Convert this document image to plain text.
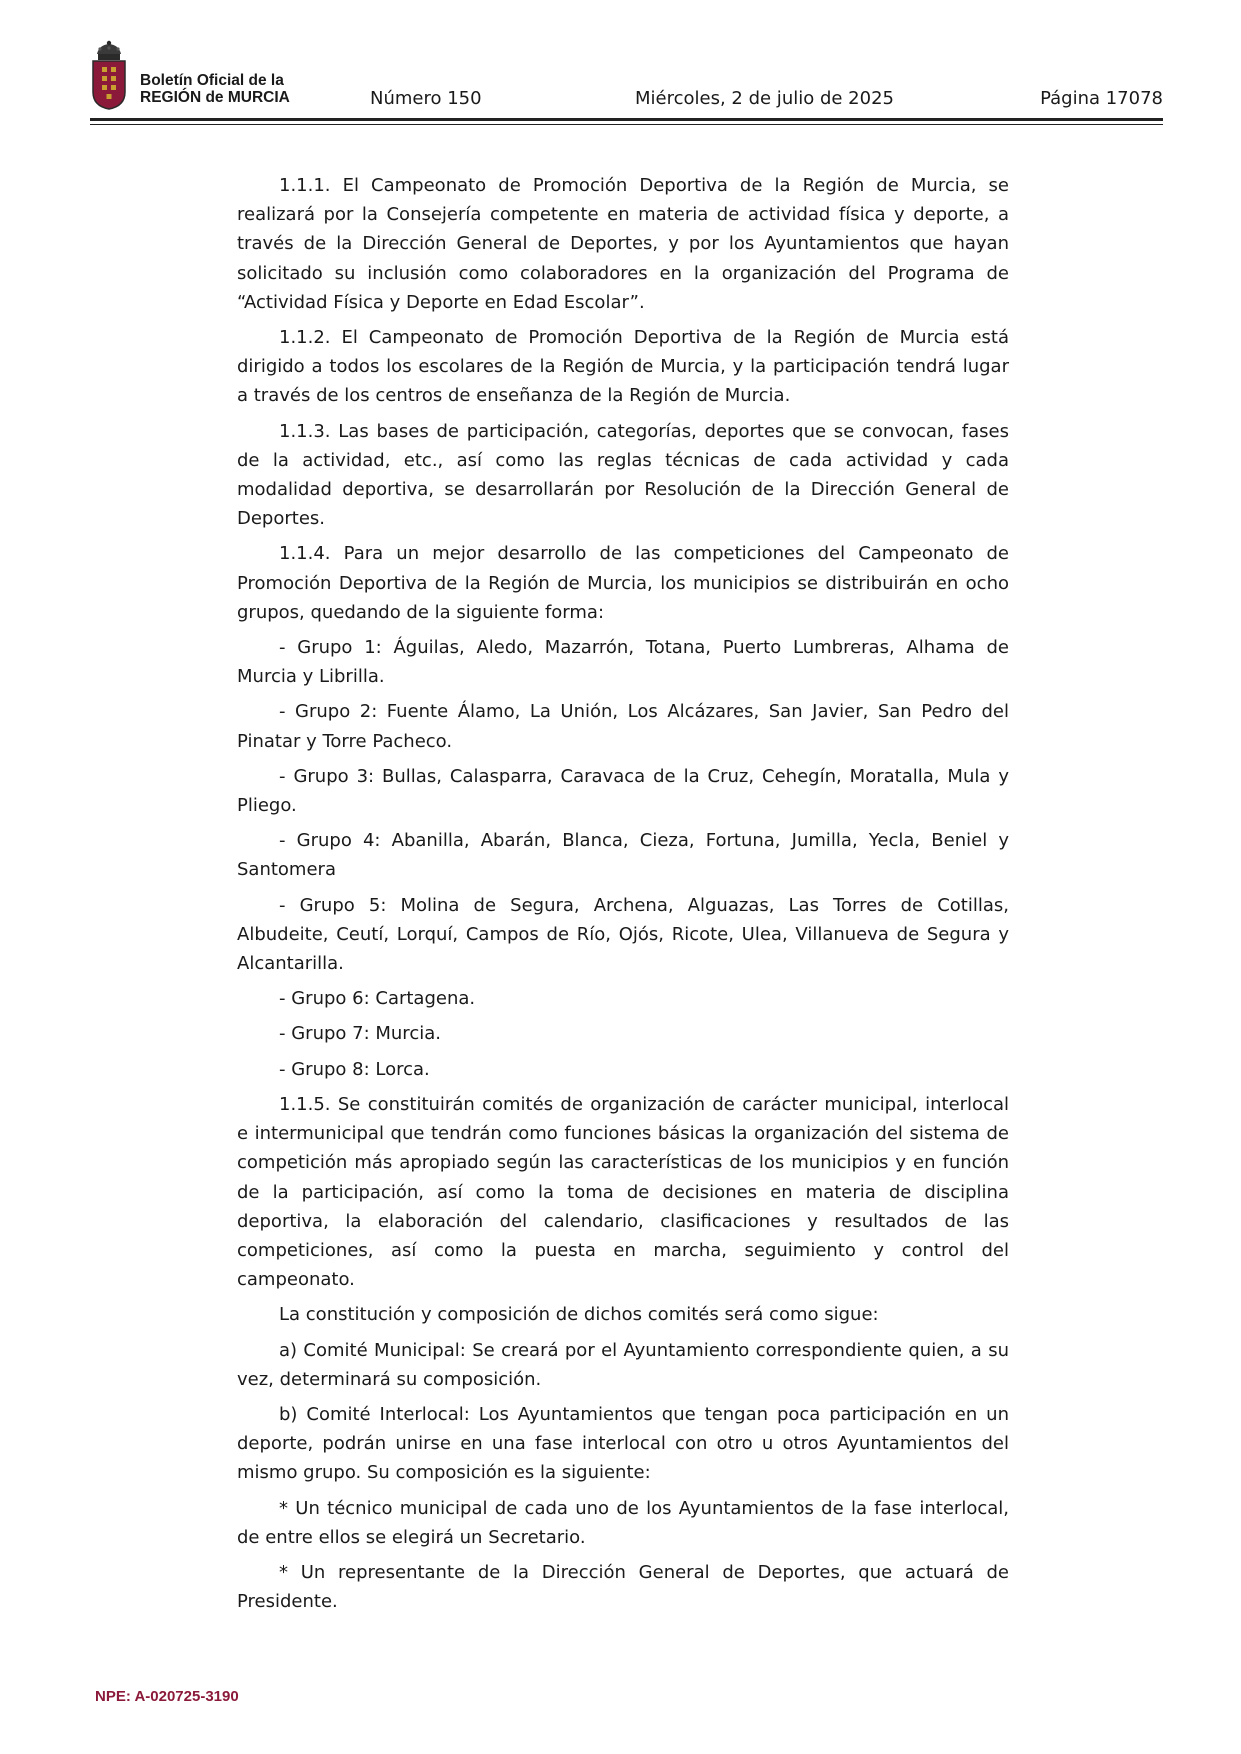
Boletín Oficial de la
REGIÓN de MURCIA	Número 150	Miércoles, 2 de julio de 2025	Página 17078

1.1.1. El Campeonato de Promoción Deportiva de la Región de Murcia, se realizará por la Consejería competente en materia de actividad física y deporte, a través de la Dirección General de Deportes, y por los Ayuntamientos que hayan solicitado su inclusión como colaboradores en la organización del Programa de “Actividad Física y Deporte en Edad Escolar”.

1.1.2. El Campeonato de Promoción Deportiva de la Región de Murcia está dirigido a todos los escolares de la Región de Murcia, y la participación tendrá lugar a través de los centros de enseñanza de la Región de Murcia.

1.1.3. Las bases de participación, categorías, deportes que se convocan, fases de la actividad, etc., así como las reglas técnicas de cada actividad y cada modalidad deportiva, se desarrollarán por Resolución de la Dirección General de Deportes.

1.1.4. Para un mejor desarrollo de las competiciones del Campeonato de Promoción Deportiva de la Región de Murcia, los municipios se distribuirán en ocho grupos, quedando de la siguiente forma:

- Grupo 1: Águilas, Aledo, Mazarrón, Totana, Puerto Lumbreras, Alhama de Murcia y Librilla.

- Grupo 2: Fuente Álamo, La Unión, Los Alcázares, San Javier, San Pedro del Pinatar y Torre Pacheco.

- Grupo 3: Bullas, Calasparra, Caravaca de la Cruz, Cehegín, Moratalla, Mula y Pliego.

- Grupo 4: Abanilla, Abarán, Blanca, Cieza, Fortuna, Jumilla, Yecla, Beniel y Santomera

- Grupo 5: Molina de Segura, Archena, Alguazas, Las Torres de Cotillas, Albudeite, Ceutí, Lorquí, Campos de Río, Ojós, Ricote, Ulea, Villanueva de Segura y Alcantarilla.

- Grupo 6: Cartagena.

- Grupo 7: Murcia.

- Grupo 8: Lorca.

1.1.5. Se constituirán comités de organización de carácter municipal, interlocal e intermunicipal que tendrán como funciones básicas la organización del sistema de competición más apropiado según las características de los municipios y en función de la participación, así como la toma de decisiones en materia de disciplina deportiva, la elaboración del calendario, clasificaciones y resultados de las competiciones, así como la puesta en marcha, seguimiento y control del campeonato.

La constitución y composición de dichos comités será como sigue:

a) Comité Municipal: Se creará por el Ayuntamiento correspondiente quien, a su vez, determinará su composición.

b) Comité Interlocal: Los Ayuntamientos que tengan poca participación en un deporte, podrán unirse en una fase interlocal con otro u otros Ayuntamientos del mismo grupo. Su composición es la siguiente:

* Un técnico municipal de cada uno de los Ayuntamientos de la fase interlocal, de entre ellos se elegirá un Secretario.

* Un representante de la Dirección General de Deportes, que actuará de Presidente.

NPE: A-020725-3190
